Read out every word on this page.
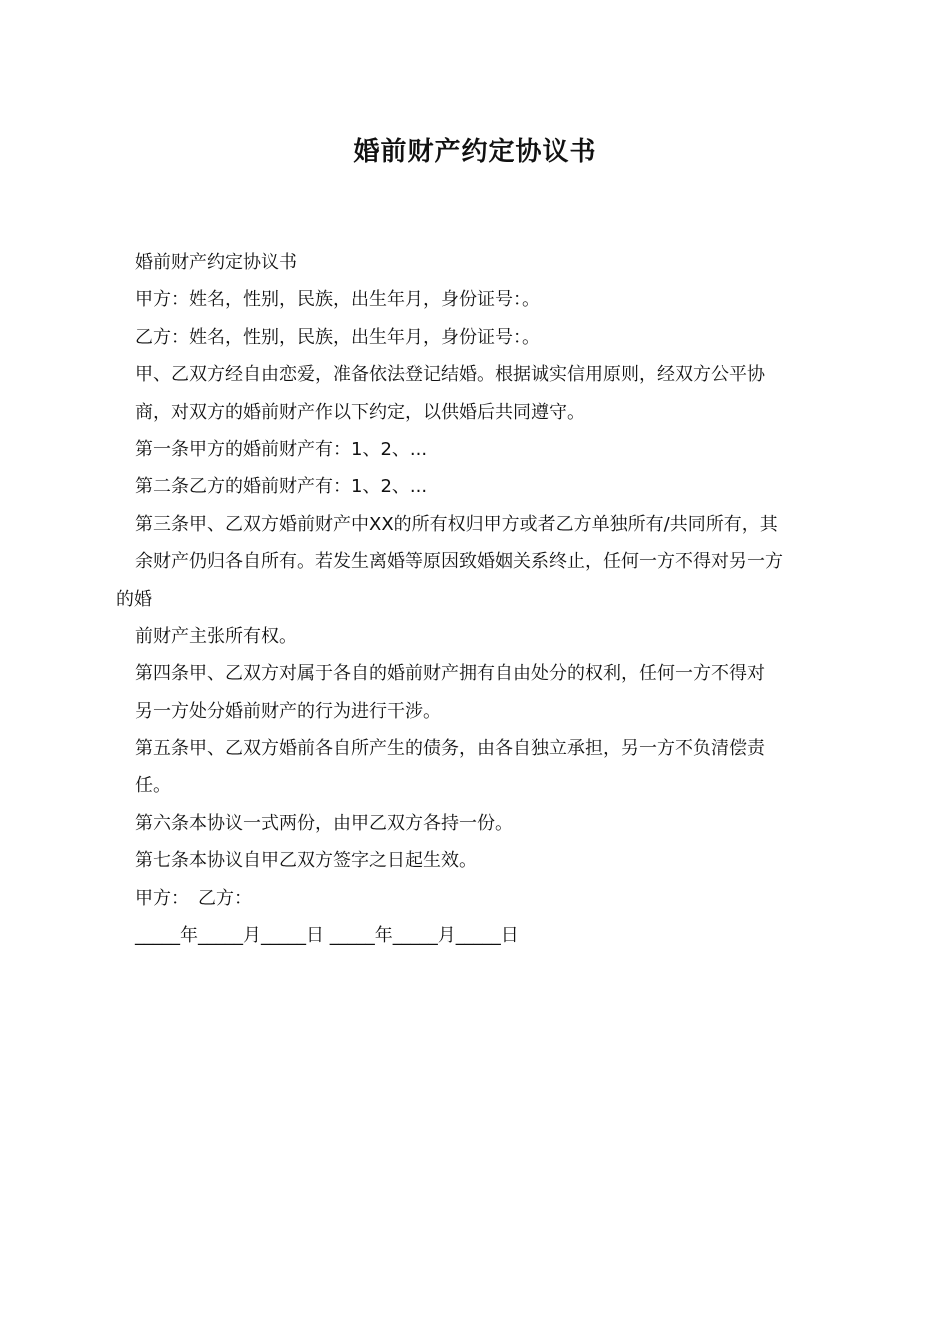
婚前财产约定协议书
婚前财产约定协议书
甲方：姓名，性别，民族，出生年月，身份证号：。
乙方：姓名，性别，民族，出生年月，身份证号：。
甲、乙双方经自由恋爱，准备依法登记结婚。根据诚实信用原则，经双方公平协
商，对双方的婚前财产作以下约定，以供婚后共同遵守。
第一条甲方的婚前财产有：1、2、...
第二条乙方的婚前财产有：1、2、...
第三条甲、乙双方婚前财产中XX的所有权归甲方或者乙方单独所有/共同所有，其
余财产仍归各自所有。若发生离婚等原因致婚姻关系终止，任何一方不得对另一方
的婚
前财产主张所有权。
第四条甲、乙双方对属于各自的婚前财产拥有自由处分的权利，任何一方不得对
另一方处分婚前财产的行为进行干涉。
第五条甲、乙双方婚前各自所产生的债务，由各自独立承担，另一方不负清偿责
任。
第六条本协议一式两份，由甲乙双方各持一份。
第七条本协议自甲乙双方签字之日起生效。
甲方：　乙方：
_____年_____月_____日 _____年_____月_____日
